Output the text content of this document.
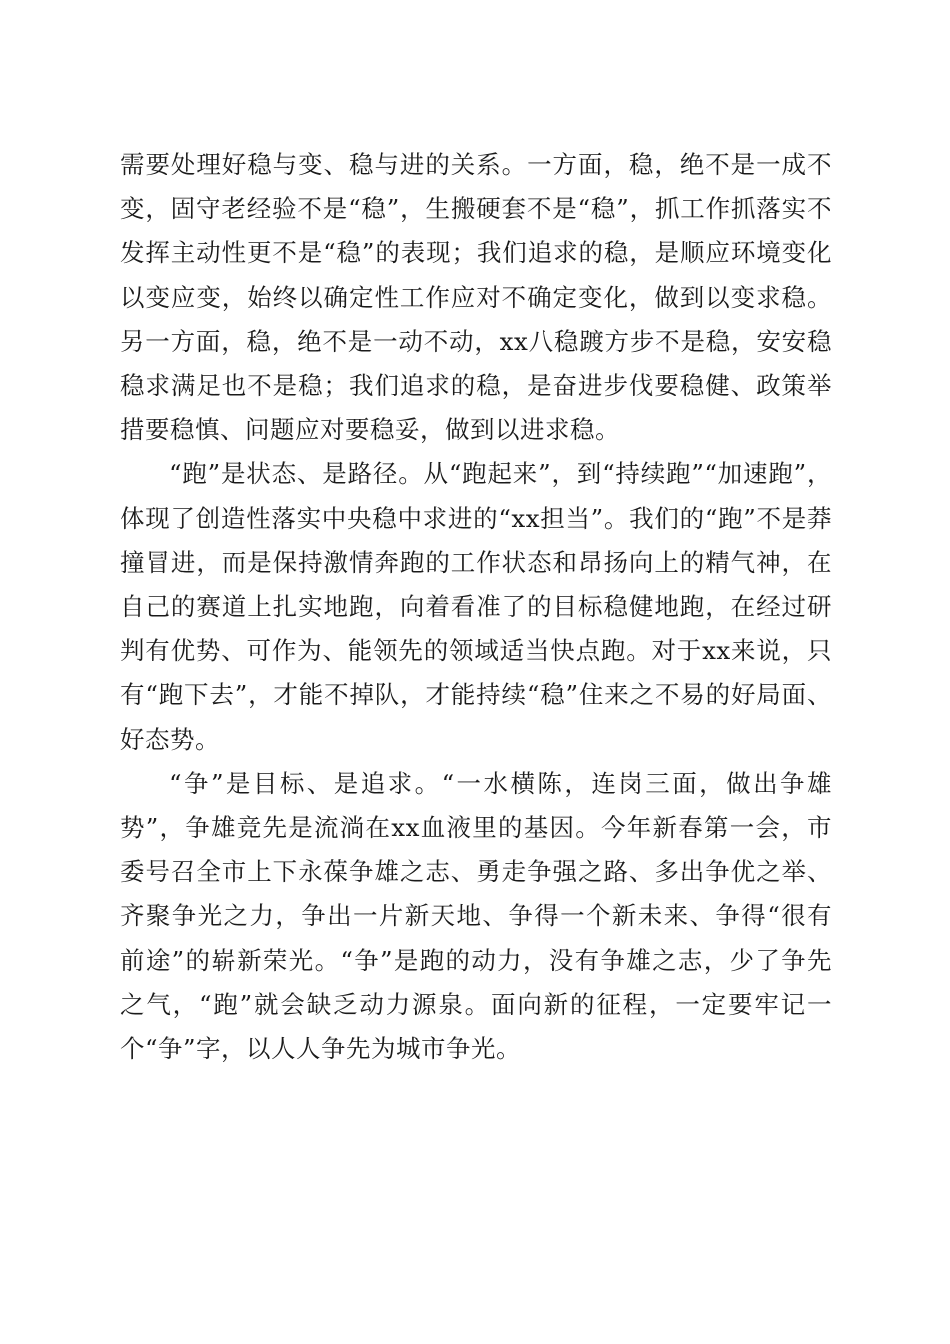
需要处理好稳与变、稳与进的关系。一方面，稳，绝不是一成不变，固守老经验不是“稳”，生搬硬套不是“稳”，抓工作抓落实不发挥主动性更不是“稳”的表现；我们追求的稳，是顺应环境变化以变应变，始终以确定性工作应对不确定变化，做到以变求稳。另一方面，稳，绝不是一动不动，xx八稳踱方步不是稳，安安稳稳求满足也不是稳；我们追求的稳，是奋进步伐要稳健、政策举措要稳慎、问题应对要稳妥，做到以进求稳。

“跑”是状态、是路径。从“跑起来”，到“持续跑”“加速跑”，体现了创造性落实中央稳中求进的“xx担当”。我们的“跑”不是莽撞冒进，而是保持激情奔跑的工作状态和昂扬向上的精气神，在自己的赛道上扎实地跑，向着看准了的目标稳健地跑，在经过研判有优势、可作为、能领先的领域适当快点跑。对于xx来说，只有“跑下去”，才能不掉队，才能持续“稳”住来之不易的好局面、好态势。

“争”是目标、是追求。“一水横陈，连岗三面，做出争雄势”，争雄竞先是流淌在xx血液里的基因。今年新春第一会，市委号召全市上下永葆争雄之志、勇走争强之路、多出争优之举、齐聚争光之力，争出一片新天地、争得一个新未来、争得“很有前途”的崭新荣光。“争”是跑的动力，没有争雄之志，少了争先之气，“跑”就会缺乏动力源泉。面向新的征程，一定要牢记一个“争”字，以人人争先为城市争光。
